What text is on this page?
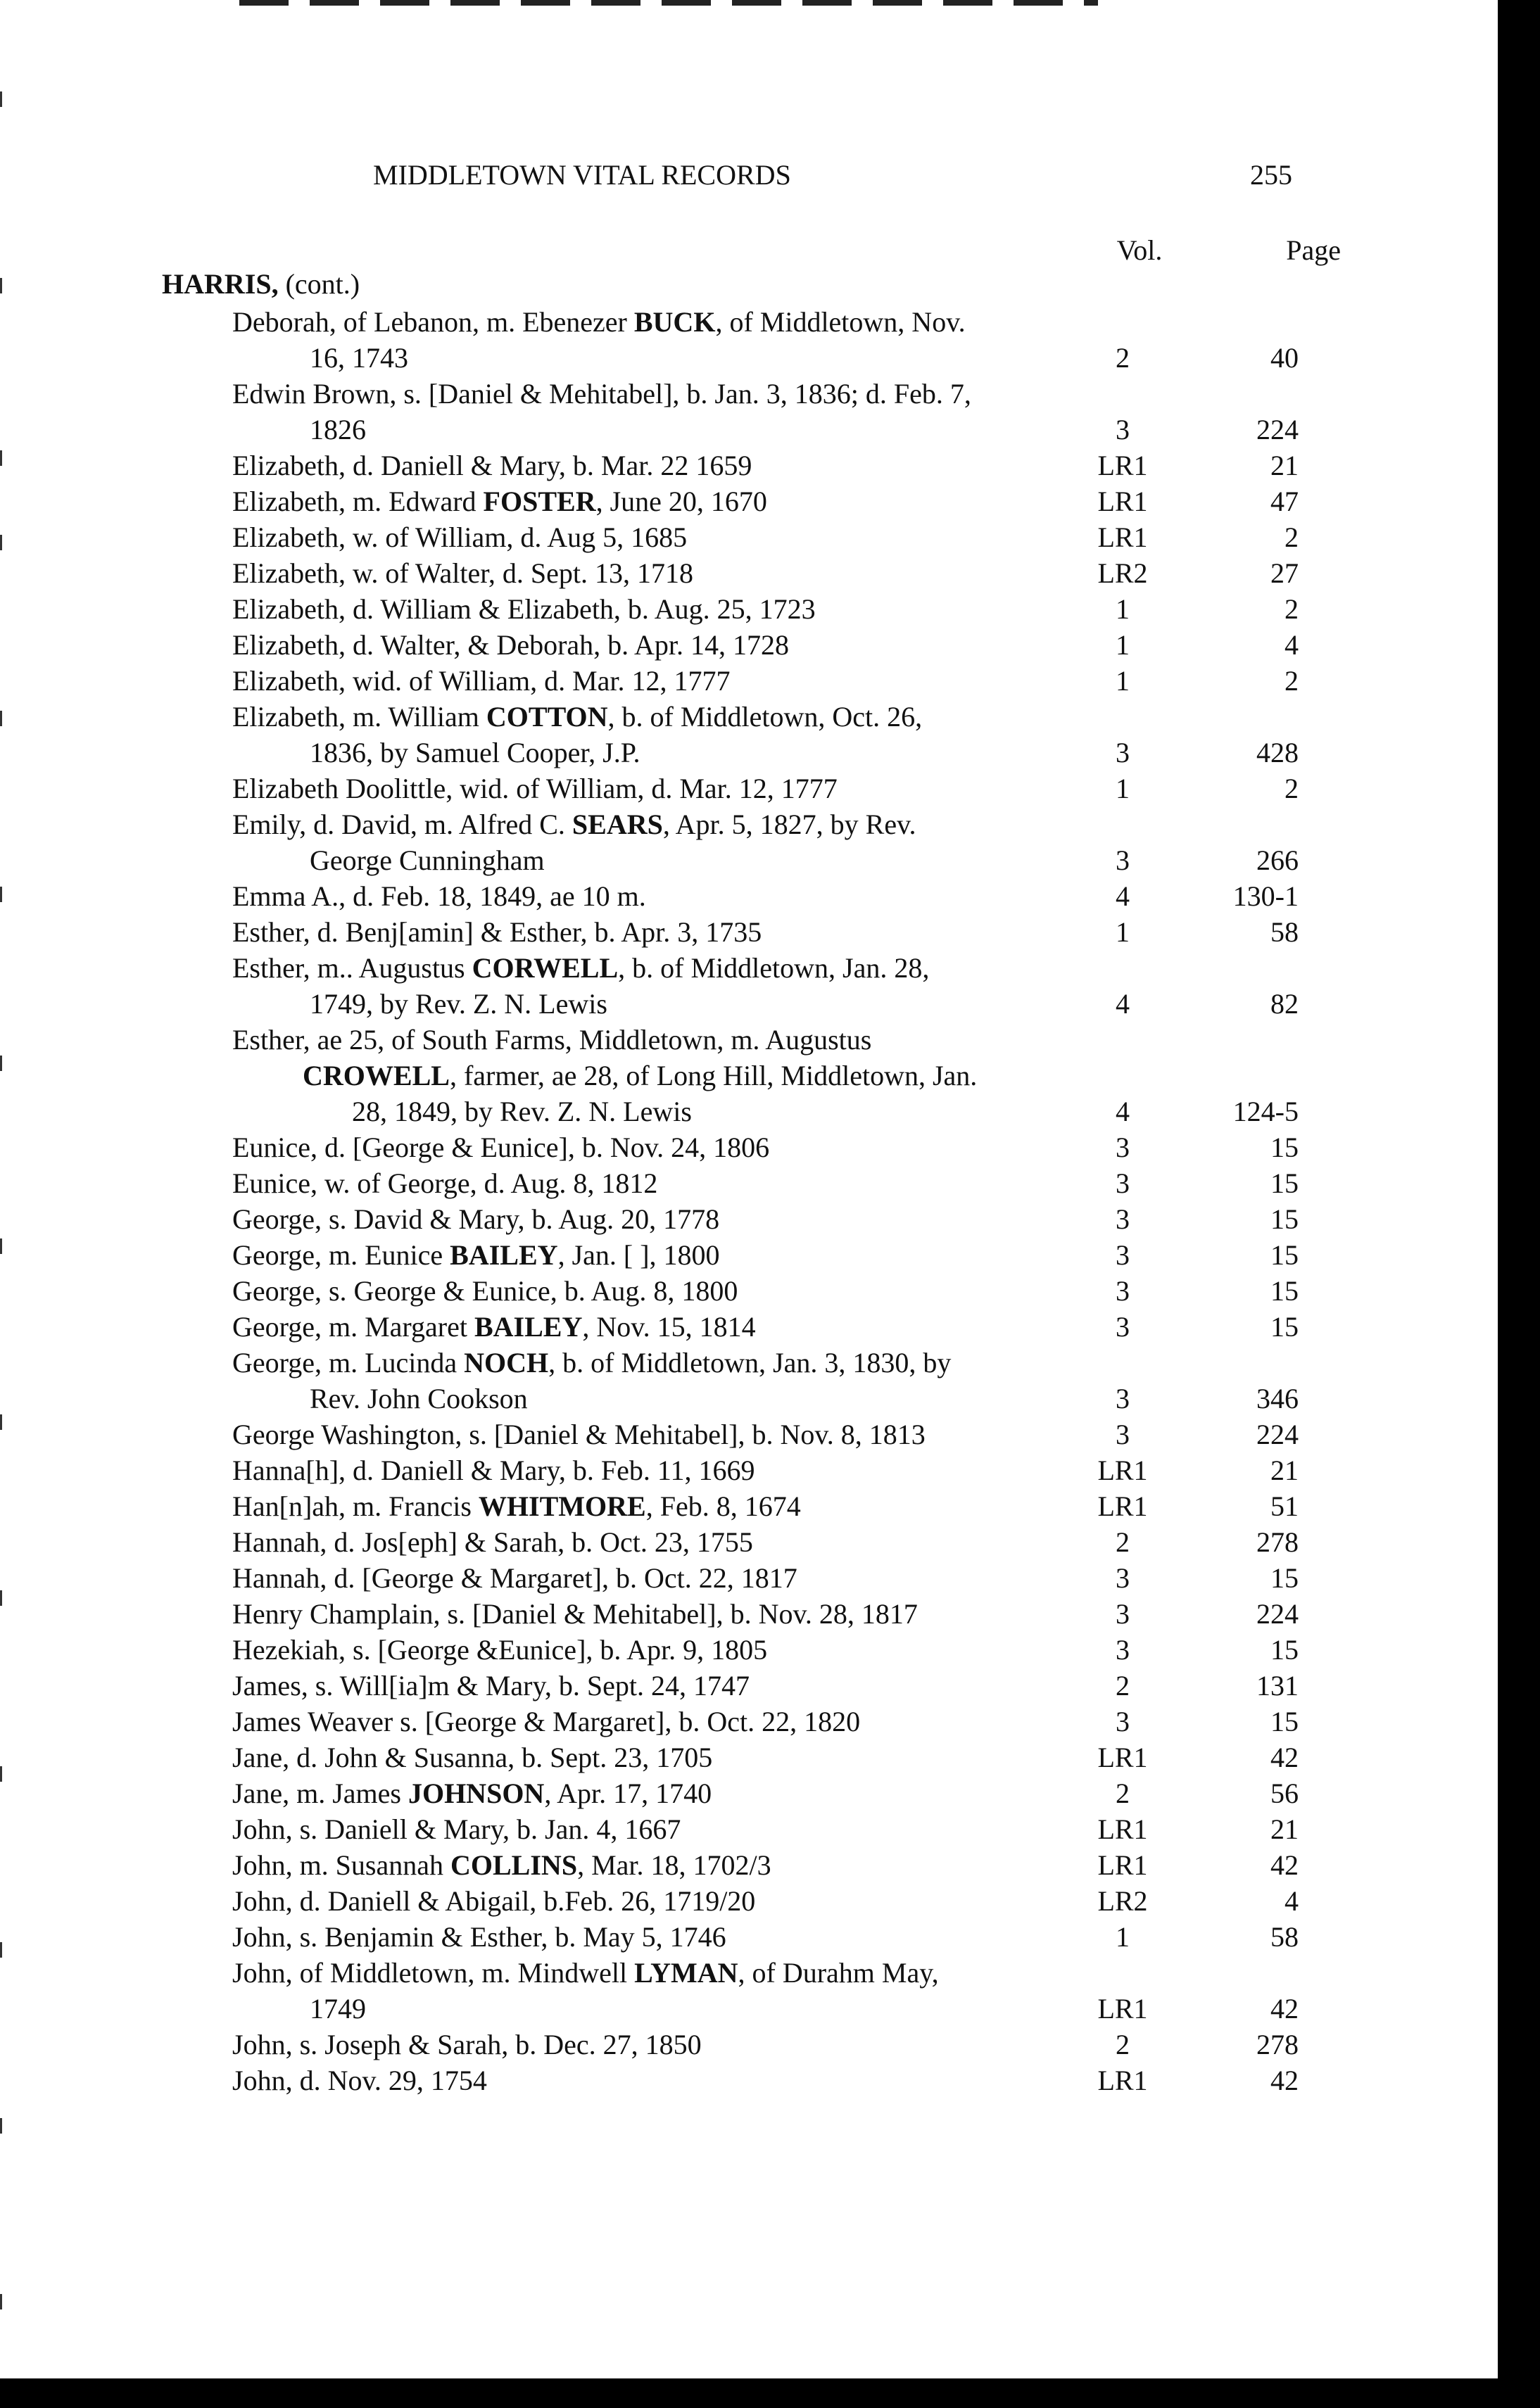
MIDDLETOWN VITAL RECORDS	255
Vol.	Page
HARRIS, (cont.)
Deborah, of Lebanon, m. Ebenezer BUCK, of Middletown, Nov.
16, 1743	2	40
Edwin Brown, s. [Daniel & Mehitabel], b. Jan. 3, 1836; d. Feb. 7,
1826	3	224
Elizabeth, d. Daniell & Mary, b. Mar. 22 1659	LR1	21
Elizabeth, m. Edward FOSTER, June 20, 1670	LR1	47
Elizabeth, w. of William, d. Aug 5, 1685	LR1	2
Elizabeth, w. of Walter, d. Sept. 13, 1718	LR2	27
Elizabeth, d. William & Elizabeth, b. Aug. 25, 1723	1	2
Elizabeth, d. Walter, & Deborah, b. Apr. 14, 1728	1	4
Elizabeth, wid. of William, d. Mar. 12, 1777	1	2
Elizabeth, m. William COTTON, b. of Middletown, Oct. 26,
1836, by Samuel Cooper, J.P.	3	428
Elizabeth Doolittle, wid. of William, d. Mar. 12, 1777	1	2
Emily, d. David, m. Alfred C. SEARS, Apr. 5, 1827, by Rev.
George Cunningham	3	266
Emma A., d. Feb. 18, 1849, ae 10 m.	4	130-1
Esther, d. Benj[amin] & Esther, b. Apr. 3, 1735	1	58
Esther, m.. Augustus CORWELL, b. of Middletown, Jan. 28,
1749, by Rev. Z. N. Lewis	4	82
Esther, ae 25, of South Farms, Middletown, m. Augustus
CROWELL, farmer, ae 28, of Long Hill, Middletown, Jan.
28, 1849, by Rev. Z. N. Lewis	4	124-5
Eunice, d. [George & Eunice], b. Nov. 24, 1806	3	15
Eunice, w. of George, d. Aug. 8, 1812	3	15
George, s. David & Mary, b. Aug. 20, 1778	3	15
George, m. Eunice BAILEY, Jan. [ ], 1800	3	15
George, s. George & Eunice, b. Aug. 8, 1800	3	15
George, m. Margaret BAILEY, Nov. 15, 1814	3	15
George, m. Lucinda NOCH, b. of Middletown, Jan. 3, 1830, by
Rev. John Cookson	3	346
George Washington, s. [Daniel & Mehitabel], b. Nov. 8, 1813	3	224
Hanna[h], d. Daniell & Mary, b. Feb. 11, 1669	LR1	21
Han[n]ah, m. Francis WHITMORE, Feb. 8, 1674	LR1	51
Hannah, d. Jos[eph] & Sarah, b. Oct. 23, 1755	2	278
Hannah, d. [George & Margaret], b. Oct. 22, 1817	3	15
Henry Champlain, s. [Daniel & Mehitabel], b. Nov. 28, 1817	3	224
Hezekiah, s. [George &Eunice], b. Apr. 9, 1805	3	15
James, s. Will[ia]m & Mary, b. Sept. 24, 1747	2	131
James Weaver s. [George & Margaret], b. Oct. 22, 1820	3	15
Jane, d. John & Susanna, b. Sept. 23, 1705	LR1	42
Jane, m. James JOHNSON, Apr. 17, 1740	2	56
John, s. Daniell & Mary, b. Jan. 4, 1667	LR1	21
John, m. Susannah COLLINS, Mar. 18, 1702/3	LR1	42
John, d. Daniell & Abigail, b.Feb. 26, 1719/20	LR2	4
John, s. Benjamin & Esther, b. May 5, 1746	1	58
John, of Middletown, m. Mindwell LYMAN, of Durahm May,
1749	LR1	42
John, s. Joseph & Sarah, b. Dec. 27, 1850	2	278
John, d. Nov. 29, 1754	LR1	42
